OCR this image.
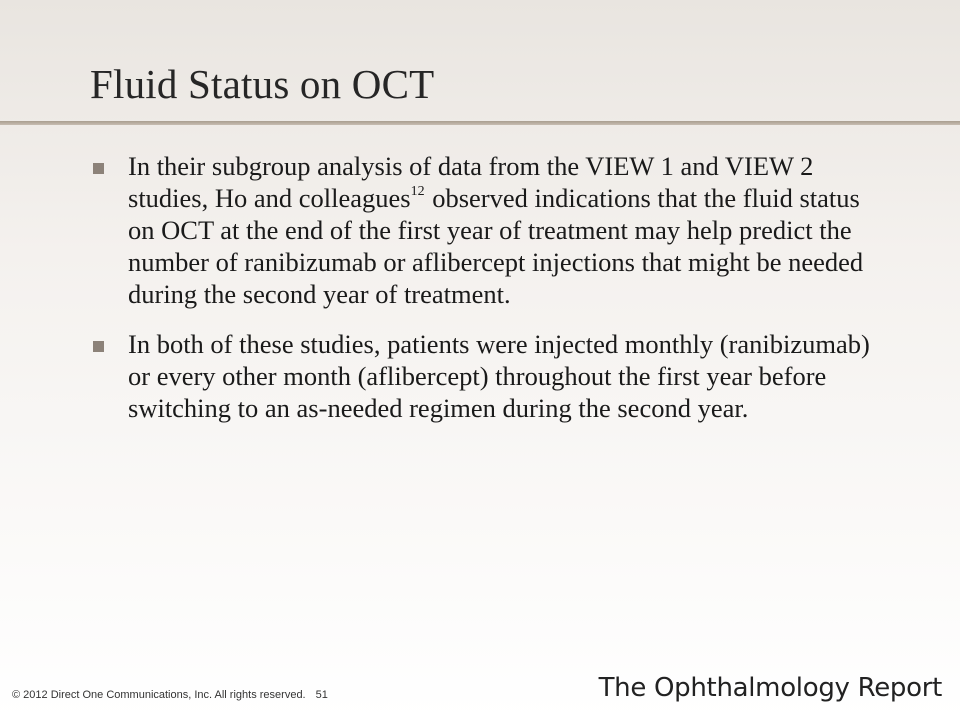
Fluid Status on OCT
In their subgroup analysis of data from the VIEW 1 and VIEW 2 studies, Ho and colleagues$^{12}$ observed indications that the fluid status on OCT at the end of the first year of treatment may help predict the number of ranibizumab or aflibercept injections that might be needed during the second year of treatment.
In both of these studies, patients were injected monthly (ranibizumab) or every other month (aflibercept) throughout the first year before switching to an as-needed regimen during the second year.
© 2012 Direct One Communications, Inc. All rights reserved. 51	The Ophthalmology Report
